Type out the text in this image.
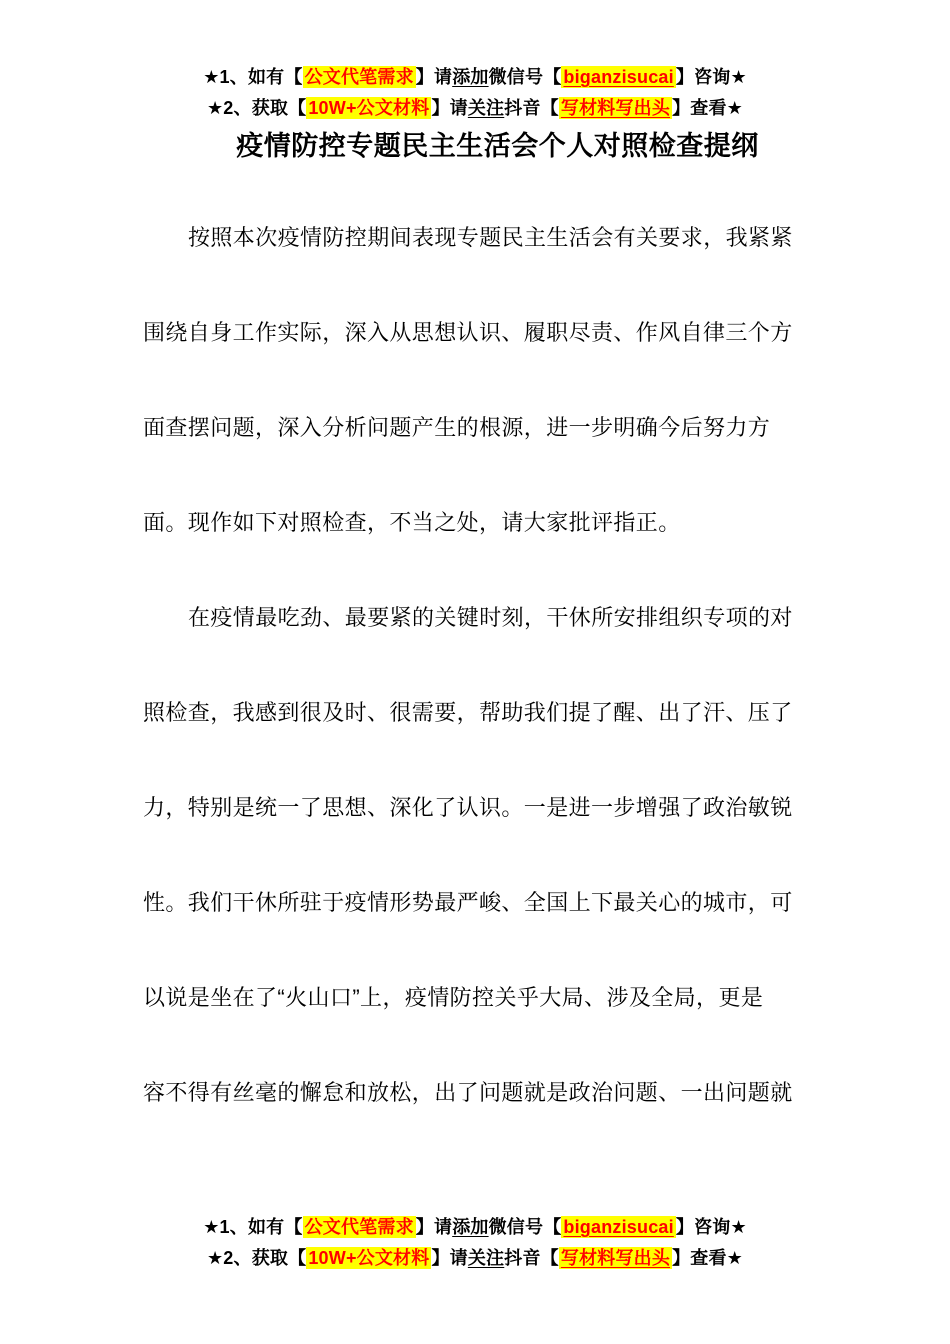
★1、如有【 公文代笔需求 】请添加微信号【 biganzisucai 】咨询★
★2、获取【 10W+公文材料 】请关注抖音【 写材料写出头 】查看★
疫情防控专题民主生活会个人对照检查提纲
按照本次疫情防控期间表现专题民主生活会有关要求，我紧紧
围绕自身工作实际，深入从思想认识、履职尽责、作风自律三个方
面查摆问题，深入分析问题产生的根源，进一步明确今后努力方
面。现作如下对照检查，不当之处，请大家批评指正。
在疫情最吃劲、最要紧的关键时刻，干休所安排组织专项的对
照检查，我感到很及时、很需要，帮助我们提了醒、出了汗、压了
力，特别是统一了思想、深化了认识。一是进一步增强了政治敏锐
性。我们干休所驻于疫情形势最严峻、全国上下最关心的城市，可
以说是坐在了“火山口”上，疫情防控关乎大局、涉及全局，更是
容不得有丝毫的懈怠和放松，出了问题就是政治问题、一出问题就
★1、如有【 公文代笔需求 】请添加微信号【 biganzisucai 】咨询★
★2、获取【 10W+公文材料 】请关注抖音【 写材料写出头 】查看★
